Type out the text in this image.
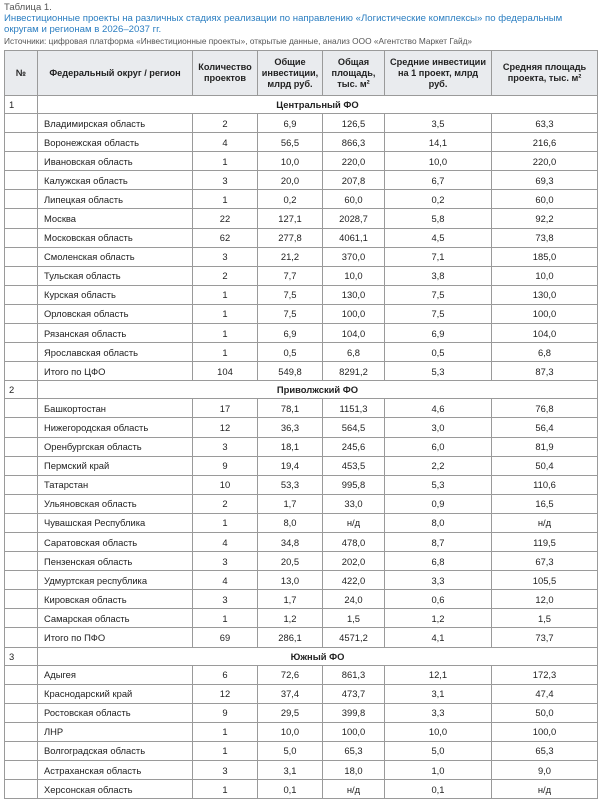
Таблица 1.
Инвестиционные проекты на различных стадиях реализации по направлению «Логистические комплексы» по федеральным округам и регионам в 2026–2037 гг.
Источники: цифровая платформа «Инвестиционные проекты», открытые данные, анализ ООО «Агентство Маркет Гайд»
№	Федеральный округ / регион	Количество проектов	Общие инвестиции, млрд руб.	Общая площадь, тыс. м²	Средние инвестиции на 1 проект, млрд руб.	Средняя площадь проекта, тыс. м²
1	Центральный ФО					
	Владимирская область	2	6,9	126,5	3,5	63,3
	Воронежская область	4	56,5	866,3	14,1	216,6
	Ивановская область	1	10,0	220,0	10,0	220,0
	Калужская область	3	20,0	207,8	6,7	69,3
	Липецкая область	1	0,2	60,0	0,2	60,0
	Москва	22	127,1	2028,7	5,8	92,2
	Московская область	62	277,8	4061,1	4,5	73,8
	Смоленская область	3	21,2	370,0	7,1	185,0
	Тульская область	2	7,7	10,0	3,8	10,0
	Курская область	1	7,5	130,0	7,5	130,0
	Орловская область	1	7,5	100,0	7,5	100,0
	Рязанская область	1	6,9	104,0	6,9	104,0
	Ярославская область	1	0,5	6,8	0,5	6,8
	Итого по ЦФО	104	549,8	8291,2	5,3	87,3
2	Приволжский ФО					
	Башкортостан	17	78,1	1151,3	4,6	76,8
	Нижегородская область	12	36,3	564,5	3,0	56,4
	Оренбургская область	3	18,1	245,6	6,0	81,9
	Пермский край	9	19,4	453,5	2,2	50,4
	Татарстан	10	53,3	995,8	5,3	110,6
	Ульяновская область	2	1,7	33,0	0,9	16,5
	Чувашская Республика	1	8,0	н/д	8,0	н/д
	Саратовская область	4	34,8	478,0	8,7	119,5
	Пензенская область	3	20,5	202,0	6,8	67,3
	Удмуртская республика	4	13,0	422,0	3,3	105,5
	Кировская область	3	1,7	24,0	0,6	12,0
	Самарская область	1	1,2	1,5	1,2	1,5
	Итого по ПФО	69	286,1	4571,2	4,1	73,7
3	Южный ФО					
	Адыгея	6	72,6	861,3	12,1	172,3
	Краснодарский край	12	37,4	473,7	3,1	47,4
	Ростовская область	9	29,5	399,8	3,3	50,0
	ЛНР	1	10,0	100,0	10,0	100,0
	Волгоградская область	1	5,0	65,3	5,0	65,3
	Астраханская область	3	3,1	18,0	1,0	9,0
	Херсонская область	1	0,1	н/д	0,1	н/д
